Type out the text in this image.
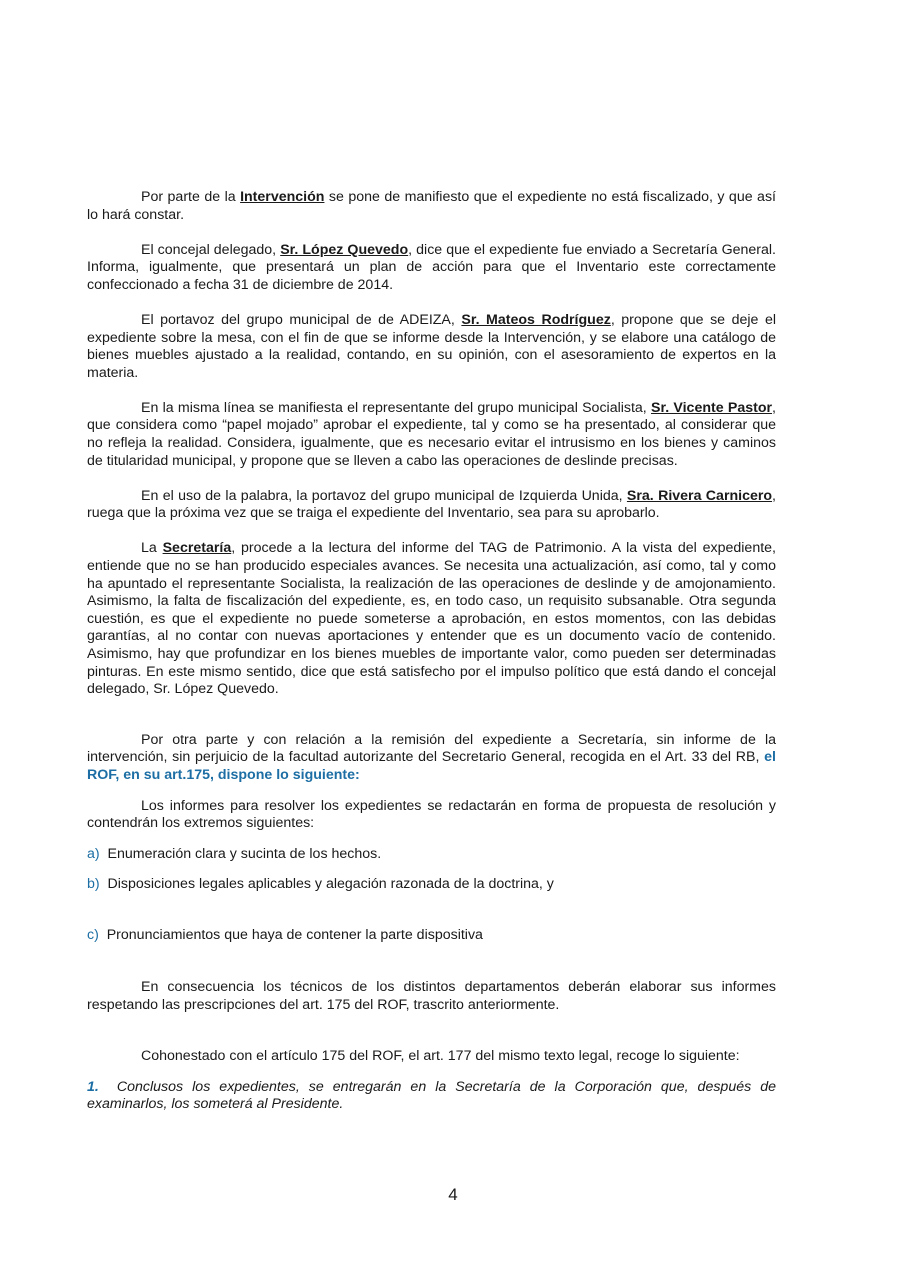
Por parte de la Intervención se pone de manifiesto que el expediente no está fiscalizado, y que así lo hará constar.

El concejal delegado, Sr. López Quevedo, dice que el expediente fue enviado a Secretaría General. Informa, igualmente, que presentará un plan de acción para que el Inventario este correctamente confeccionado a fecha 31 de diciembre de 2014.

El portavoz del grupo municipal de de ADEIZA, Sr. Mateos Rodríguez, propone que se deje el expediente sobre la mesa, con el fin de que se informe desde la Intervención, y se elabore una catálogo de bienes muebles ajustado a la realidad, contando, en su opinión, con el asesoramiento de expertos en la materia.

En la misma línea se manifiesta el representante del grupo municipal Socialista, Sr. Vicente Pastor, que considera como “papel mojado” aprobar el expediente, tal y como se ha presentado, al considerar que no refleja la realidad. Considera, igualmente, que es necesario evitar el intrusismo en los bienes y caminos de titularidad municipal, y propone que se lleven a cabo las operaciones de deslinde precisas.

En el uso de la palabra, la portavoz del grupo municipal de Izquierda Unida, Sra. Rivera Carnicero, ruega que la próxima vez que se traiga el expediente del Inventario, sea para su aprobarlo.

La Secretaría, procede a la lectura del informe del TAG de Patrimonio. A la vista del expediente, entiende que no se han producido especiales avances. Se necesita una actualización, así como, tal y como ha apuntado el representante Socialista, la realización de las operaciones de deslinde y de amojonamiento. Asimismo, la falta de fiscalización del expediente, es, en todo caso, un requisito subsanable. Otra segunda cuestión, es que el expediente no puede someterse a aprobación, en estos momentos, con las debidas garantías, al no contar con nuevas aportaciones y entender que es un documento vacío de contenido. Asimismo, hay que profundizar en los bienes muebles de importante valor, como pueden ser determinadas pinturas. En este mismo sentido, dice que está satisfecho por el impulso político que está dando el concejal delegado, Sr. López Quevedo.

Por otra parte y con relación a la remisión del expediente a Secretaría, sin informe de la intervención, sin perjuicio de la facultad autorizante del Secretario General, recogida en el Art. 33 del RB, el ROF, en su art.175, dispone lo siguiente:

Los informes para resolver los expedientes se redactarán en forma de propuesta de resolución y contendrán los extremos siguientes:

a) Enumeración clara y sucinta de los hechos.

b) Disposiciones legales aplicables y alegación razonada de la doctrina, y

c) Pronunciamientos que haya de contener la parte dispositiva

En consecuencia los técnicos de los distintos departamentos deberán elaborar sus informes respetando las prescripciones del art. 175 del ROF, trascrito anteriormente.

Cohonestado con el artículo 175 del ROF, el art. 177 del mismo texto legal, recoge lo siguiente:

1. Conclusos los expedientes, se entregarán en la Secretaría de la Corporación que, después de examinarlos, los someterá al Presidente.

4
